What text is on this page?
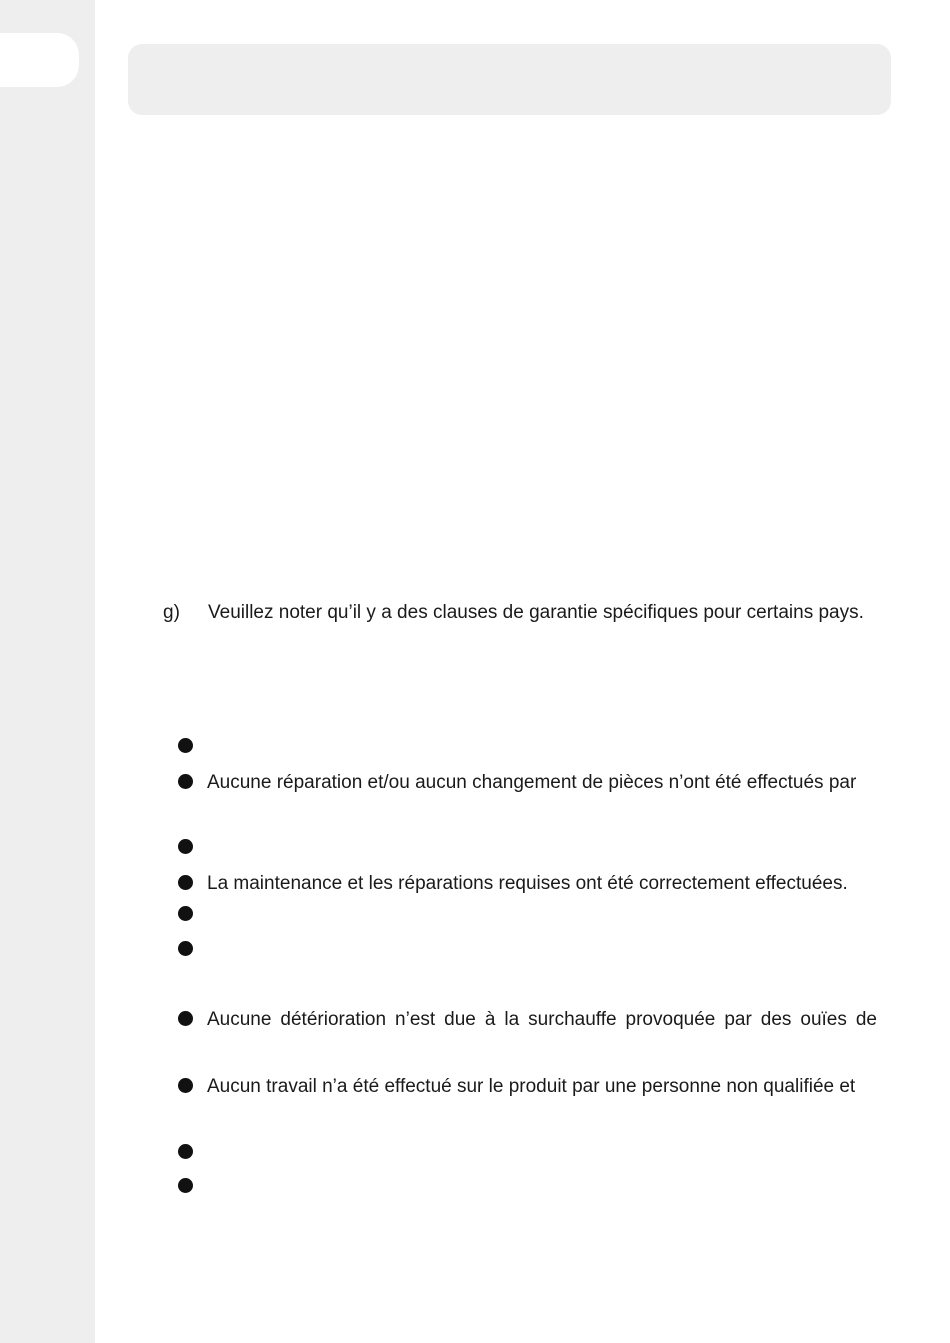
g) Veuillez noter qu’il y a des clauses de garantie spécifiques pour certains pays.
Aucune réparation et/ou aucun changement de pièces n’ont été effectués par
La maintenance et les réparations requises ont été correctement effectuées.
Aucune détérioration n’est due à la surchauffe provoquée par des ouïes de
Aucun travail n’a été effectué sur le produit par une personne non qualifiée et
